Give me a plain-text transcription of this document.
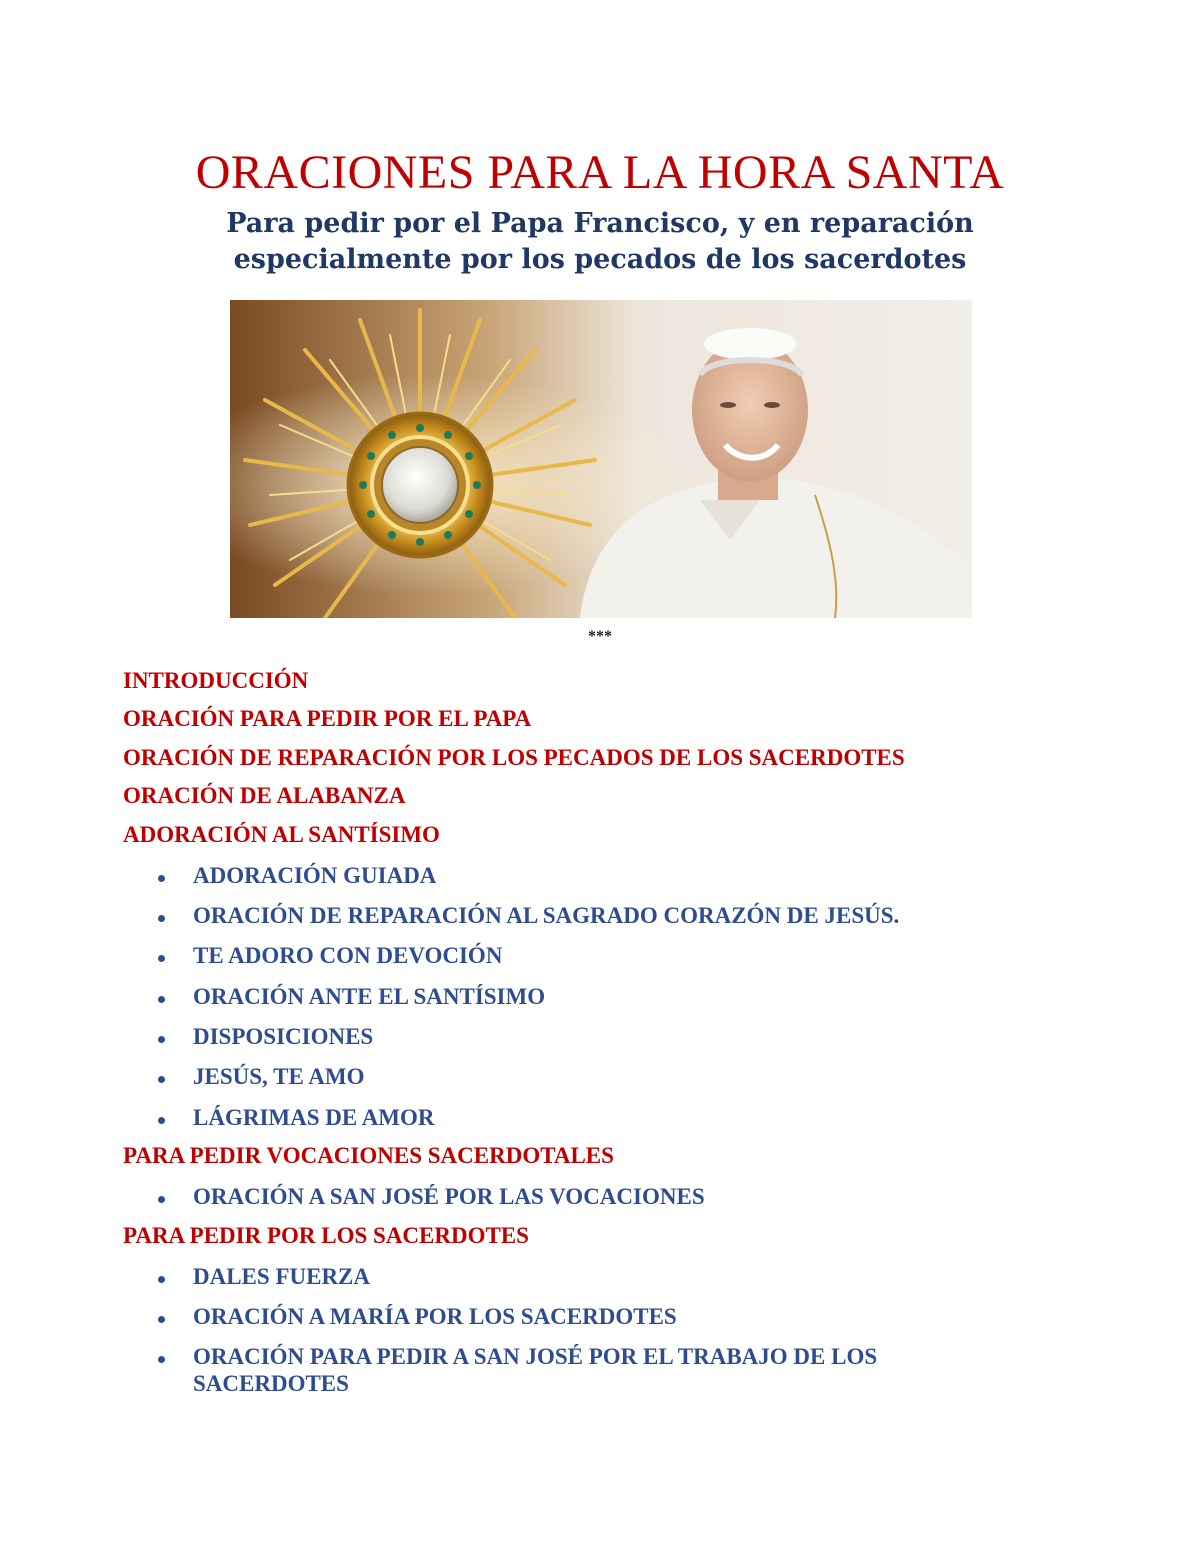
ORACIONES PARA LA HORA SANTA
Para pedir por el Papa Francisco, y en reparación
especialmente por los pecados de los sacerdotes
***
INTRODUCCIÓN
ORACIÓN PARA PEDIR POR EL PAPA
ORACIÓN DE REPARACIÓN POR LOS PECADOS DE LOS SACERDOTES
ORACIÓN DE ALABANZA
ADORACIÓN AL SANTÍSIMO
ADORACIÓN GUIADA
ORACIÓN DE REPARACIÓN AL SAGRADO CORAZÓN DE JESÚS.
TE ADORO CON DEVOCIÓN
ORACIÓN ANTE EL SANTÍSIMO
DISPOSICIONES
JESÚS, TE AMO
LÁGRIMAS DE AMOR
PARA PEDIR VOCACIONES SACERDOTALES
ORACIÓN A SAN JOSÉ POR LAS VOCACIONES
PARA PEDIR POR LOS SACERDOTES
DALES FUERZA
ORACIÓN A MARÍA POR LOS SACERDOTES
ORACIÓN PARA PEDIR A SAN JOSÉ POR EL TRABAJO DE LOS SACERDOTES
